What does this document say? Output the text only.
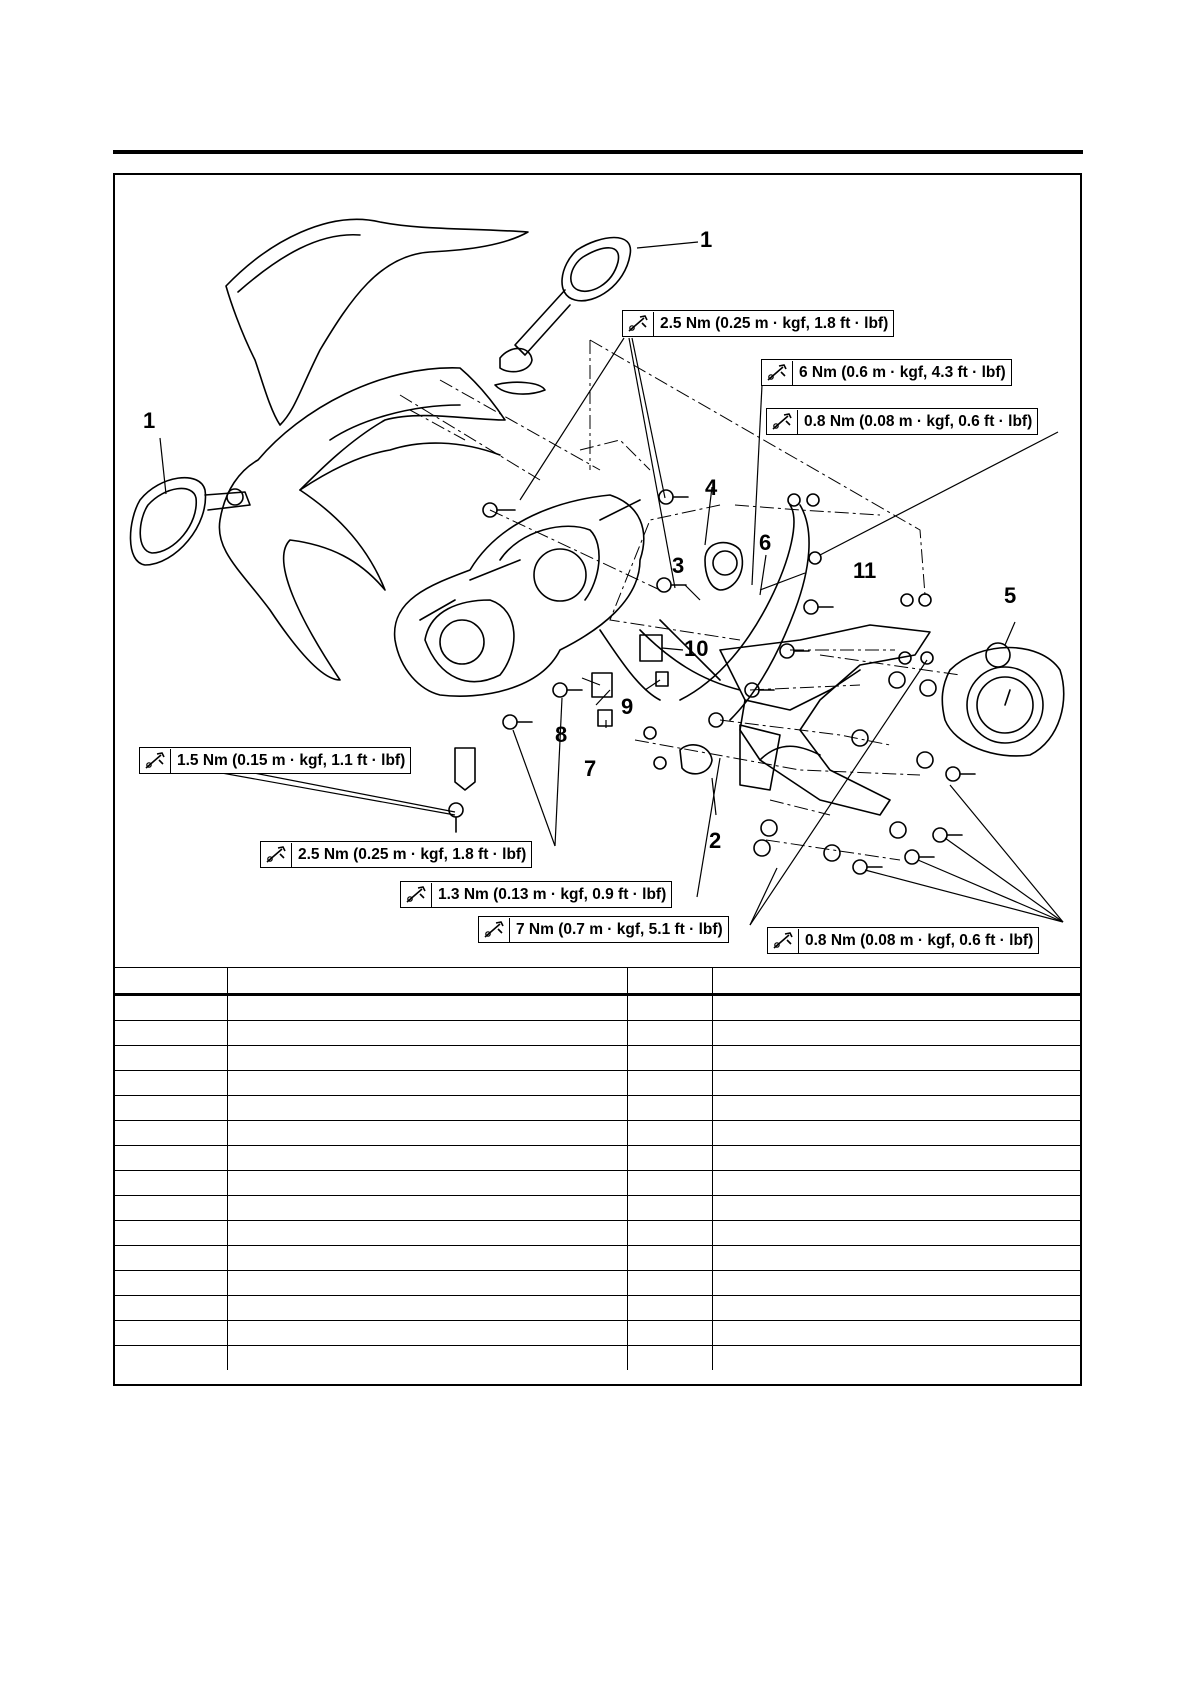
1
1
2
3
4
5
6
7
8
9
10
11
2.5 Nm (0.25 m · kgf, 1.8 ft · lbf)
6 Nm (0.6 m · kgf, 4.3 ft · lbf)
0.8 Nm (0.08 m · kgf, 0.6 ft · lbf)
1.5 Nm (0.15 m · kgf, 1.1 ft · lbf)
2.5 Nm (0.25 m · kgf, 1.8 ft · lbf)
1.3 Nm (0.13 m · kgf, 0.9 ft · lbf)
7 Nm (0.7 m · kgf, 5.1 ft · lbf)
0.8 Nm (0.08 m · kgf, 0.6 ft · lbf)
